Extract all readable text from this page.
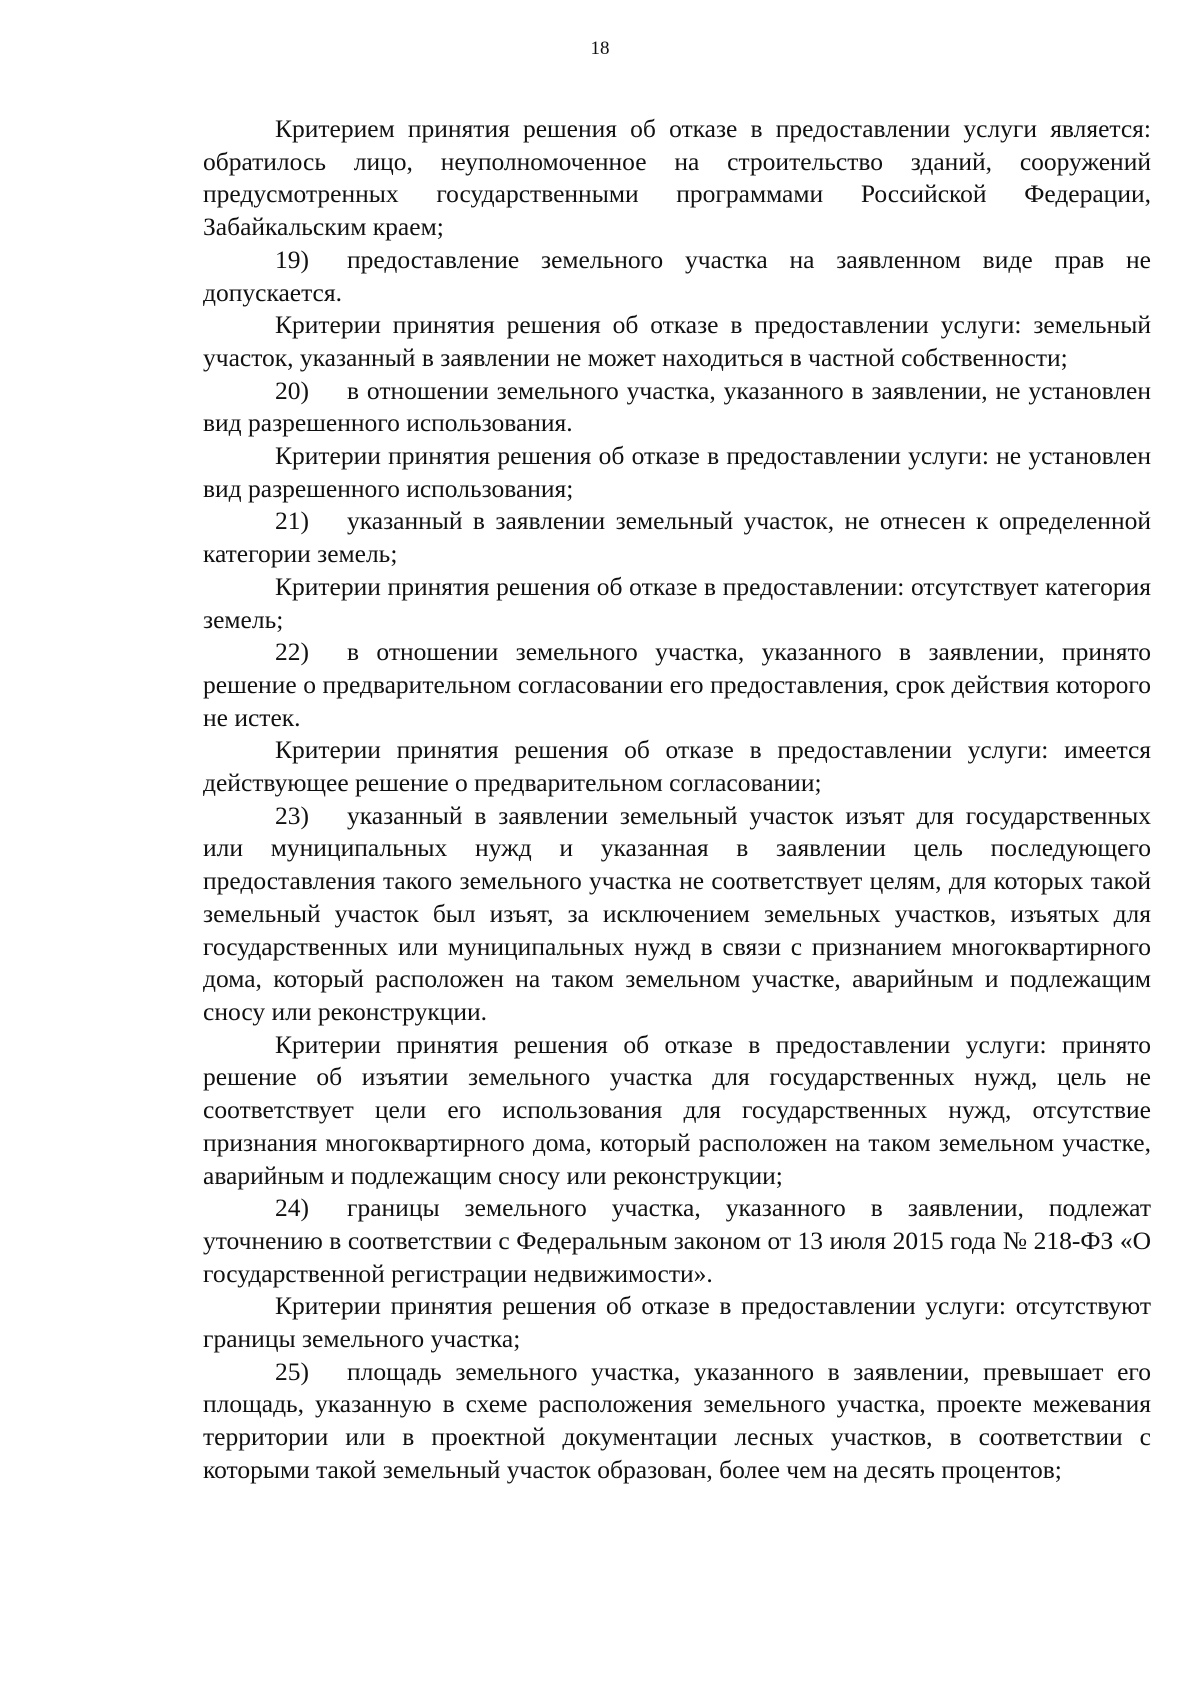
18

Критерием принятия решения об отказе в предоставлении услуги является: обратилось лицо, неуполномоченное на строительство зданий, сооружений предусмотренных государственными программами Российской Федерации, Забайкальским краем;

19) предоставление земельного участка на заявленном виде прав не допускается.

Критерии принятия решения об отказе в предоставлении услуги: земельный участок, указанный в заявлении не может находиться в частной собственности;

20) в отношении земельного участка, указанного в заявлении, не установлен вид разрешенного использования.

Критерии принятия решения об отказе в предоставлении услуги: не установлен вид разрешенного использования;

21) указанный в заявлении земельный участок, не отнесен к определенной категории земель;

Критерии принятия решения об отказе в предоставлении: отсутствует категория земель;

22) в отношении земельного участка, указанного в заявлении, принято решение о предварительном согласовании его предоставления, срок действия которого не истек.

Критерии принятия решения об отказе в предоставлении услуги: имеется действующее решение о предварительном согласовании;

23) указанный в заявлении земельный участок изъят для государственных или муниципальных нужд и указанная в заявлении цель последующего предоставления такого земельного участка не соответствует целям, для которых такой земельный участок был изъят, за исключением земельных участков, изъятых для государственных или муниципальных нужд в связи с признанием многоквартирного дома, который расположен на таком земельном участке, аварийным и подлежащим сносу или реконструкции.

Критерии принятия решения об отказе в предоставлении услуги: принято решение об изъятии земельного участка для государственных нужд, цель не соответствует цели его использования для государственных нужд, отсутствие признания многоквартирного дома, который расположен на таком земельном участке, аварийным и подлежащим сносу или реконструкции;

24) границы земельного участка, указанного в заявлении, подлежат уточнению в соответствии с Федеральным законом от 13 июля 2015 года № 218-ФЗ «О государственной регистрации недвижимости».

Критерии принятия решения об отказе в предоставлении услуги: отсутствуют границы земельного участка;

25) площадь земельного участка, указанного в заявлении, превышает его площадь, указанную в схеме расположения земельного участка, проекте межевания территории или в проектной документации лесных участков, в соответствии с которыми такой земельный участок образован, более чем на десять процентов;
